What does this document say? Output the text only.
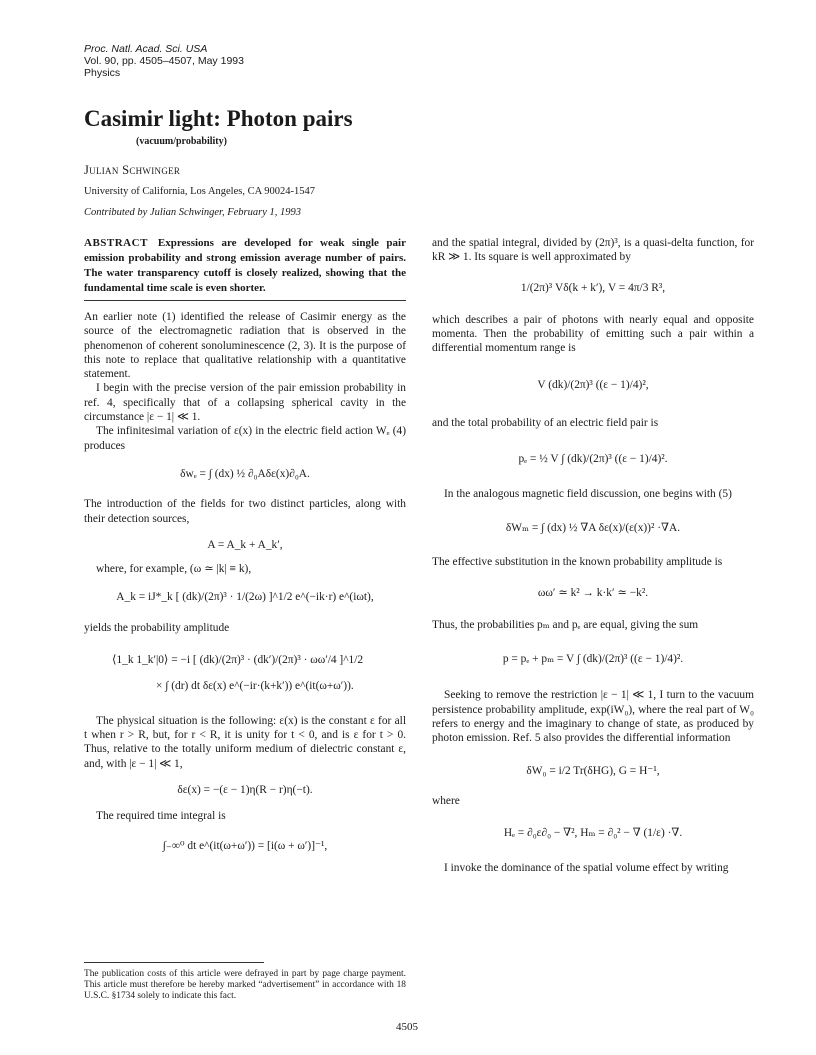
Proc. Natl. Acad. Sci. USA
Vol. 90, pp. 4505–4507, May 1993
Physics
Casimir light: Photon pairs
(vacuum/probability)
Julian Schwinger
University of California, Los Angeles, CA 90024-1547
Contributed by Julian Schwinger, February 1, 1993
ABSTRACT Expressions are developed for weak single pair emission probability and strong emission average number of pairs. The water transparency cutoff is closely realized, showing that the fundamental time scale is even shorter.

An earlier note (1) identified the release of Casimir energy as the source of the electromagnetic radiation that is observed in the phenomenon of coherent sonoluminescence (2, 3). It is the purpose of this note to replace that qualitative relationship with a quantitative statement.

I begin with the precise version of the pair emission probability in ref. 4, specifically that of a collapsing spherical cavity in the circumstance |ε − 1| ≪ 1.

The infinitesimal variation of ε(x) in the electric field action Wₑ (4) produces

δwₑ = ∫ (dx) ½ ∂₀Aδε(x)∂₀A.

The introduction of the fields for two distinct particles, along with their detection sources,

A = A_k + A_k′,

where, for example, (ω ≃ |k| ≡ k),

A_k = iJ*_k [ (dk)/(2π)³ · 1/(2ω) ]^1/2 e^(−ik·r) e^(iωt),

yields the probability amplitude

⟨1_k 1_k′|0⟩ = −i [ (dk)/(2π)³ · (dk′)/(2π)³ · ωω′/4 ]^1/2
× ∫ (dr) dt δε(x) e^(−ir·(k+k′)) e^(it(ω+ω′)).

The physical situation is the following: ε(x) is the constant ε for all t when r > R, but, for r < R, it is unity for t < 0, and is ε for t > 0. Thus, relative to the totally uniform medium of dielectric constant ε, and, with |ε − 1| ≪ 1,

δε(x) = −(ε − 1)η(R − r)η(−t).

The required time integral is

∫₋∞⁰ dt e^(it(ω+ω′)) = [i(ω + ω′)]⁻¹,
The publication costs of this article were defrayed in part by page charge payment. This article must therefore be hereby marked “advertisement” in accordance with 18 U.S.C. §1734 solely to indicate this fact.

and the spatial integral, divided by (2π)³, is a quasi-delta function, for kR ≫ 1. Its square is well approximated by

1/(2π)³ Vδ(k + k′), V = 4π/3 R³,

which describes a pair of photons with nearly equal and opposite momenta. Then the probability of emitting such a pair within a differential momentum range is

V (dk)/(2π)³ ((ε − 1)/4)²,

and the total probability of an electric field pair is

pₑ = ½ V ∫ (dk)/(2π)³ ((ε − 1)/4)².

In the analogous magnetic field discussion, one begins with (5)

δWₘ = ∫ (dx) ½ ∇A δε(x)/(ε(x))² ·∇A.

The effective substitution in the known probability amplitude is

ωω′ ≃ k² → k·k′ ≃ −k².

Thus, the probabilities pₘ and pₑ are equal, giving the sum

p = pₑ + pₘ = V ∫ (dk)/(2π)³ ((ε − 1)/4)².

Seeking to remove the restriction |ε − 1| ≪ 1, I turn to the vacuum persistence probability amplitude, exp(iW₀), where the real part of W₀ refers to energy and the imaginary to change of state, as produced by photon emission. Ref. 5 also provides the differential information

δW₀ = i/2 Tr(δHG), G = H⁻¹,

where

Hₑ = ∂₀ε∂₀ − ∇², Hₘ = ∂₀² − ∇ (1/ε) ·∇.

I invoke the dominance of the spatial volume effect by writing

4505
